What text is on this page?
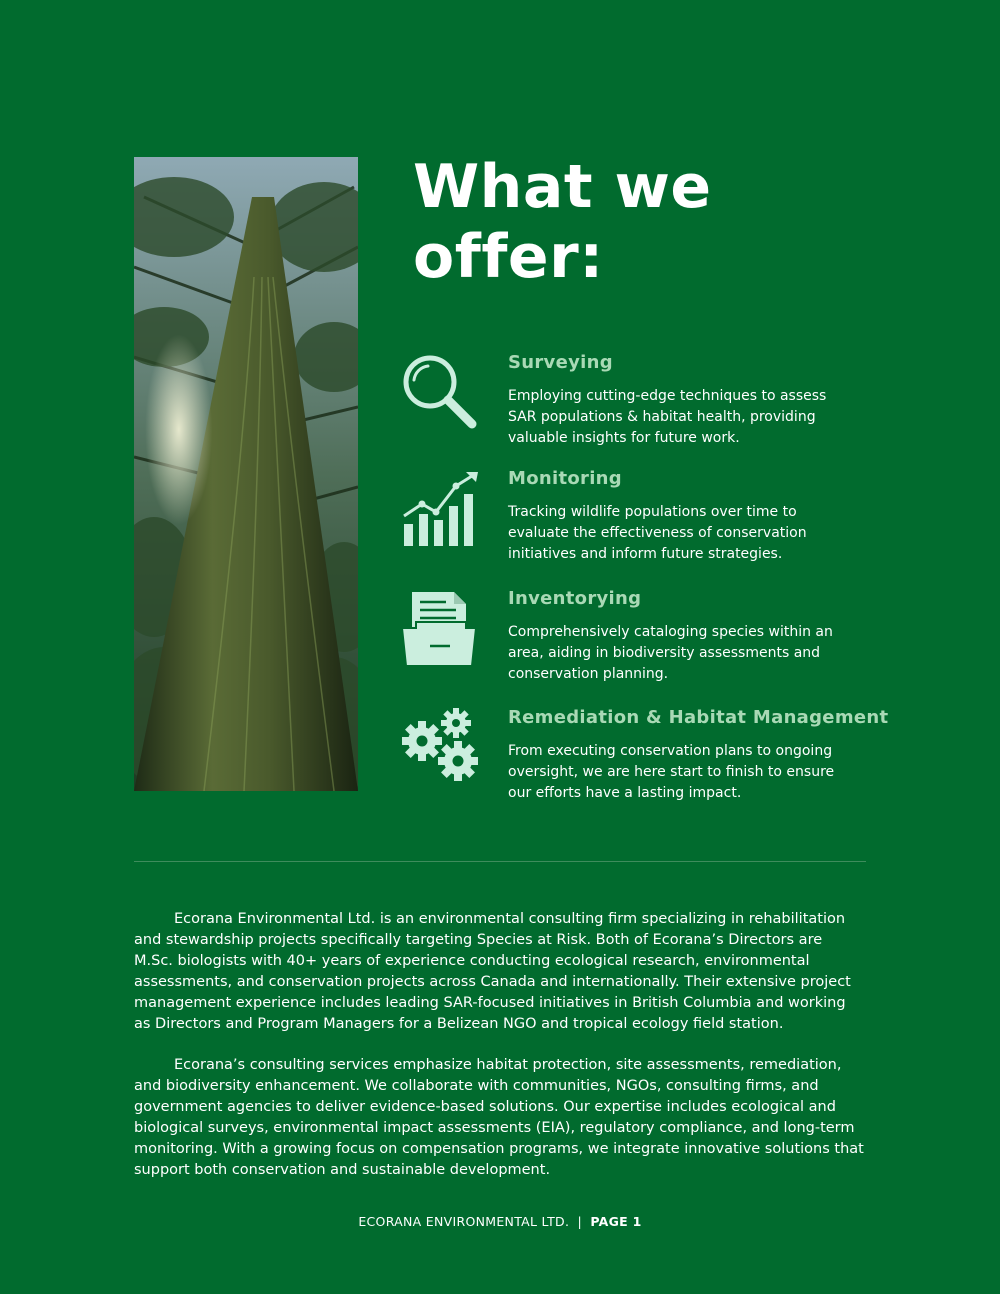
What we offer:
Surveying

Employing cutting-edge techniques to assess SAR populations & habitat health, providing valuable insights for future work.

Monitoring

Tracking wildlife populations over time to evaluate the effectiveness of conservation initiatives and inform future strategies.

Inventorying

Comprehensively cataloging species within an area, aiding in biodiversity assessments and conservation planning.

Remediation & Habitat Management

From executing conservation plans to ongoing oversight, we are here start to finish to ensure our efforts have a lasting impact.

Ecorana Environmental Ltd. is an environmental consulting firm specializing in rehabilitation and stewardship projects specifically targeting Species at Risk. Both of Ecorana’s Directors are M.Sc. biologists with 40+ years of experience conducting ecological research, environmental assessments, and conservation projects across Canada and internationally. Their extensive project management experience includes leading SAR-focused initiatives in British Columbia and working as Directors and Program Managers for a Belizean NGO and tropical ecology field station.

Ecorana’s consulting services emphasize habitat protection, site assessments, remediation, and biodiversity enhancement. We collaborate with communities, NGOs, consulting firms, and government agencies to deliver evidence-based solutions. Our expertise includes ecological and biological surveys, environmental impact assessments (EIA), regulatory compliance, and long-term monitoring. With a growing focus on compensation programs, we integrate innovative solutions that support both conservation and sustainable development.

ECORANA ENVIRONMENTAL LTD. | PAGE 1
